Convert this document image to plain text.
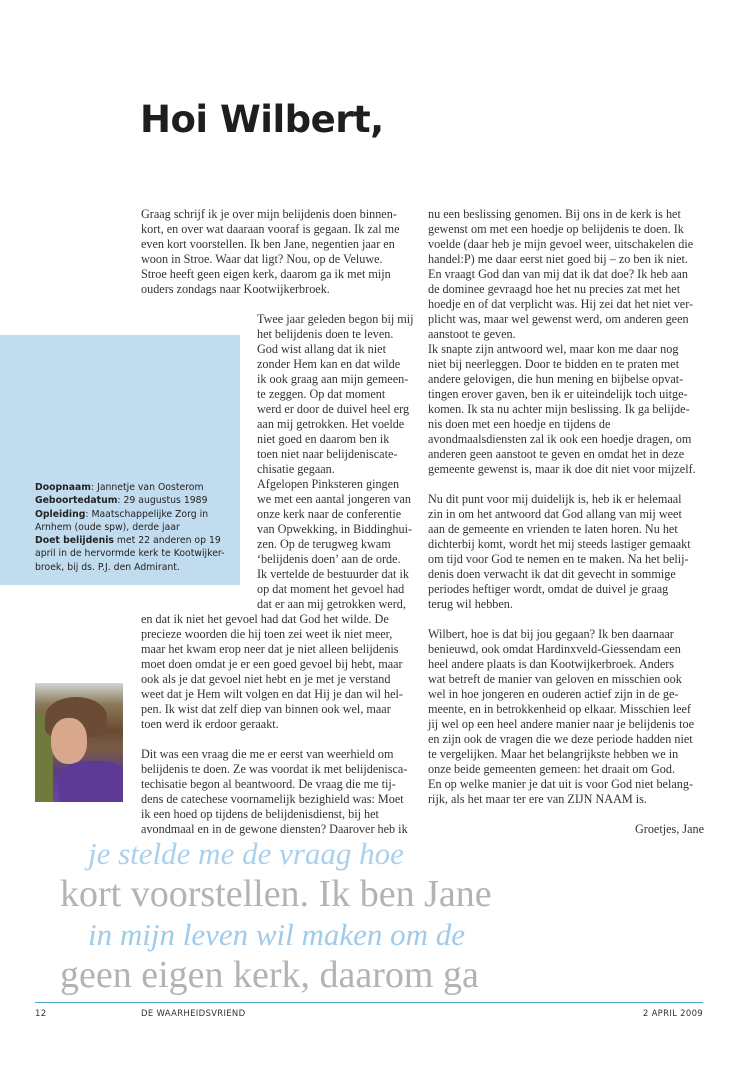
Hoi Wilbert,
Doopnaam: Jannetje van Oosterom
Geboortedatum: 29 augustus 1989
Opleiding: Maatschappelijke Zorg in
Arnhem (oude spw), derde jaar
Doet belijdenis met 22 anderen op 19
april in de hervormde kerk te Kootwijker-
broek, bij ds. P.J. den Admirant.
Graag schrijf ik je over mijn belijdenis doen binnen-
kort, en over wat daaraan vooraf is gegaan. Ik zal me
even kort voorstellen. Ik ben Jane, negentien jaar en
woon in Stroe. Waar dat ligt? Nou, op de Veluwe.
Stroe heeft geen eigen kerk, daarom ga ik met mijn
ouders zondags naar Kootwijkerbroek.
Twee jaar geleden begon bij mij
het belijdenis doen te leven.
God wist allang dat ik niet
zonder Hem kan en dat wilde
ik ook graag aan mijn gemeen-
te zeggen. Op dat moment
werd er door de duivel heel erg
aan mij getrokken. Het voelde
niet goed en daarom ben ik
toen niet naar belijdeniscate-
chisatie gegaan.
Afgelopen Pinksteren gingen
we met een aantal jongeren van
onze kerk naar de conferentie
van Opwekking, in Biddinghui-
zen. Op de terugweg kwam
‘belijdenis doen’ aan de orde.
Ik vertelde de bestuurder dat ik
op dat moment het gevoel had
dat er aan mij getrokken werd,
en dat ik niet het gevoel had dat God het wilde. De
precieze woorden die hij toen zei weet ik niet meer,
maar het kwam erop neer dat je niet alleen belijdenis
moet doen omdat je er een goed gevoel bij hebt, maar
ook als je dat gevoel niet hebt en je met je verstand
weet dat je Hem wilt volgen en dat Hij je dan wil hel-
pen. Ik wist dat zelf diep van binnen ook wel, maar
toen werd ik erdoor geraakt.
Dit was een vraag die me er eerst van weerhield om
belijdenis te doen. Ze was voordat ik met belijdenisca-
techisatie begon al beantwoord. De vraag die me tij-
dens de catechese voornamelijk bezighield was: Moet
ik een hoed op tijdens de belijdenisdienst, bij het
avondmaal en in de gewone diensten? Daarover heb ik
nu een beslissing genomen. Bij ons in de kerk is het
gewenst om met een hoedje op belijdenis te doen. Ik
voelde (daar heb je mijn gevoel weer, uitschakelen die
handel:P) me daar eerst niet goed bij – zo ben ik niet.
En vraagt God dan van mij dat ik dat doe? Ik heb aan
de dominee gevraagd hoe het nu precies zat met het
hoedje en of dat verplicht was. Hij zei dat het niet ver-
plicht was, maar wel gewenst werd, om anderen geen
aanstoot te geven.
Ik snapte zijn antwoord wel, maar kon me daar nog
niet bij neerleggen. Door te bidden en te praten met
andere gelovigen, die hun mening en bijbelse opvat-
tingen erover gaven, ben ik er uiteindelijk toch uitge-
komen. Ik sta nu achter mijn beslissing. Ik ga belijde-
nis doen met een hoedje en tijdens de
avondmaalsdiensten zal ik ook een hoedje dragen, om
anderen geen aanstoot te geven en omdat het in deze
gemeente gewenst is, maar ik doe dit niet voor mijzelf.
Nu dit punt voor mij duidelijk is, heb ik er helemaal
zin in om het antwoord dat God allang van mij weet
aan de gemeente en vrienden te laten horen. Nu het
dichterbij komt, wordt het mij steeds lastiger gemaakt
om tijd voor God te nemen en te maken. Na het belij-
denis doen verwacht ik dat dit gevecht in sommige
periodes heftiger wordt, omdat de duivel je graag
terug wil hebben.
Wilbert, hoe is dat bij jou gegaan? Ik ben daarnaar
benieuwd, ook omdat Hardinxveld-Giessendam een
heel andere plaats is dan Kootwijkerbroek. Anders
wat betreft de manier van geloven en misschien ook
wel in hoe jongeren en ouderen actief zijn in de ge-
meente, en in betrokkenheid op elkaar. Misschien leef
jij wel op een heel andere manier naar je belijdenis toe
en zijn ook de vragen die we deze periode hadden niet
te vergelijken. Maar het belangrijkste hebben we in
onze beide gemeenten gemeen: het draait om God.
En op welke manier je dat uit is voor God niet belang-
rijk, als het maar ter ere van ZIJN NAAM is.
Groetjes, Jane
je stelde me de vraag hoe
kort voorstellen. Ik ben Jane
in mijn leven wil maken om de
geen eigen kerk, daarom ga
12	DE WAARHEIDSVRIEND	2 APRIL 2009
